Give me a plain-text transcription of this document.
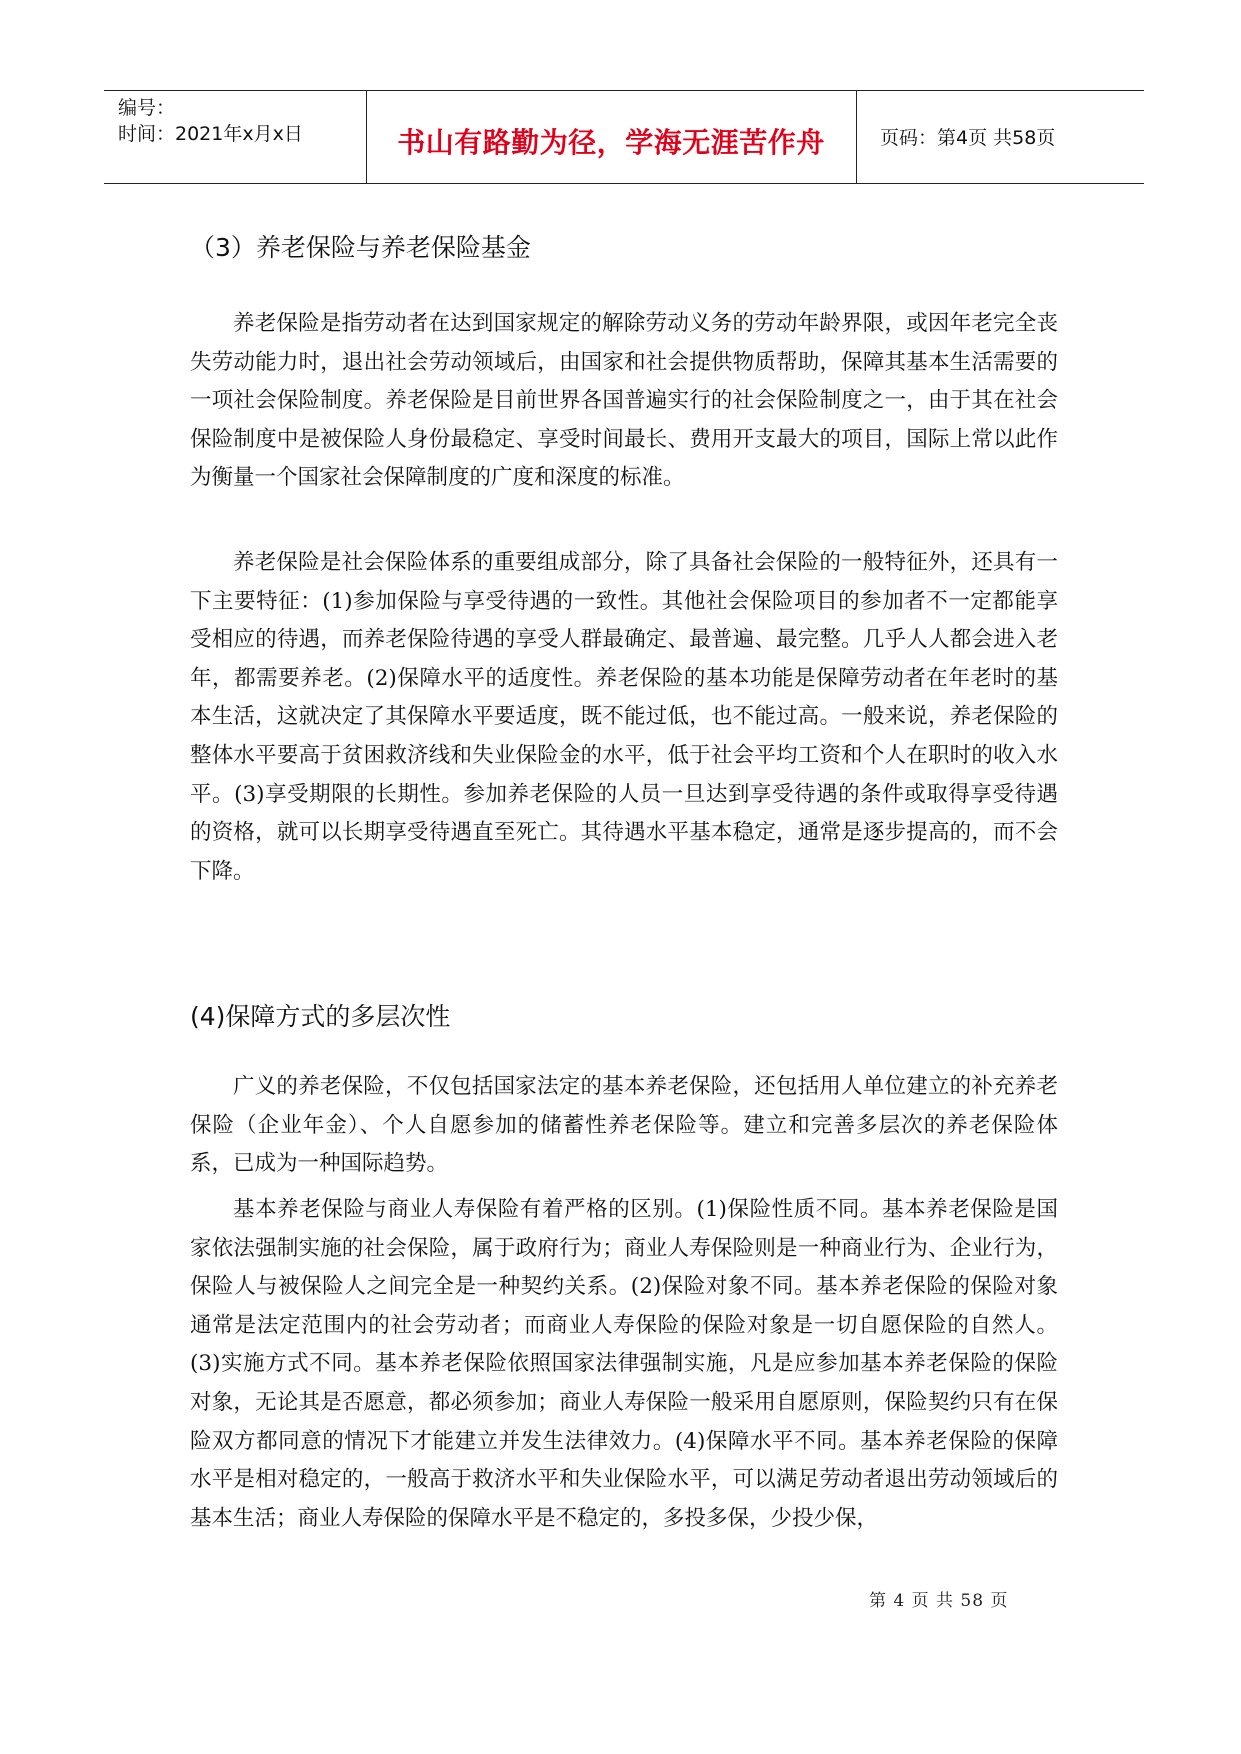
编号：
时间：2021年x月x日	书山有路勤为径，学海无涯苦作舟	页码：第4页 共58页
（3）养老保险与养老保险基金

养老保险是指劳动者在达到国家规定的解除劳动义务的劳动年龄界限，或因年老完全丧失劳动能力时，退出社会劳动领域后，由国家和社会提供物质帮助，保障其基本生活需要的一项社会保险制度。养老保险是目前世界各国普遍实行的社会保险制度之一，由于其在社会保险制度中是被保险人身份最稳定、享受时间最长、费用开支最大的项目，国际上常以此作为衡量一个国家社会保障制度的广度和深度的标准。

养老保险是社会保险体系的重要组成部分，除了具备社会保险的一般特征外，还具有一下主要特征：(1)参加保险与享受待遇的一致性。其他社会保险项目的参加者不一定都能享受相应的待遇，而养老保险待遇的享受人群最确定、最普遍、最完整。几乎人人都会进入老年，都需要养老。(2)保障水平的适度性。养老保险的基本功能是保障劳动者在年老时的基本生活，这就决定了其保障水平要适度，既不能过低，也不能过高。一般来说，养老保险的整体水平要高于贫困救济线和失业保险金的水平，低于社会平均工资和个人在职时的收入水平。(3)享受期限的长期性。参加养老保险的人员一旦达到享受待遇的条件或取得享受待遇的资格，就可以长期享受待遇直至死亡。其待遇水平基本稳定，通常是逐步提高的，而不会下降。

(4)保障方式的多层次性

广义的养老保险，不仅包括国家法定的基本养老保险，还包括用人单位建立的补充养老保险（企业年金）、个人自愿参加的储蓄性养老保险等。建立和完善多层次的养老保险体系，已成为一种国际趋势。

基本养老保险与商业人寿保险有着严格的区别。(1)保险性质不同。基本养老保险是国家依法强制实施的社会保险，属于政府行为；商业人寿保险则是一种商业行为、企业行为，保险人与被保险人之间完全是一种契约关系。(2)保险对象不同。基本养老保险的保险对象通常是法定范围内的社会劳动者；而商业人寿保险的保险对象是一切自愿保险的自然人。(3)实施方式不同。基本养老保险依照国家法律强制实施，凡是应参加基本养老保险的保险对象，无论其是否愿意，都必须参加；商业人寿保险一般采用自愿原则，保险契约只有在保险双方都同意的情况下才能建立并发生法律效力。(4)保障水平不同。基本养老保险的保障水平是相对稳定的，一般高于救济水平和失业保险水平，可以满足劳动者退出劳动领域后的基本生活；商业人寿保险的保障水平是不稳定的，多投多保，少投少保，

第 4 页 共 58 页
